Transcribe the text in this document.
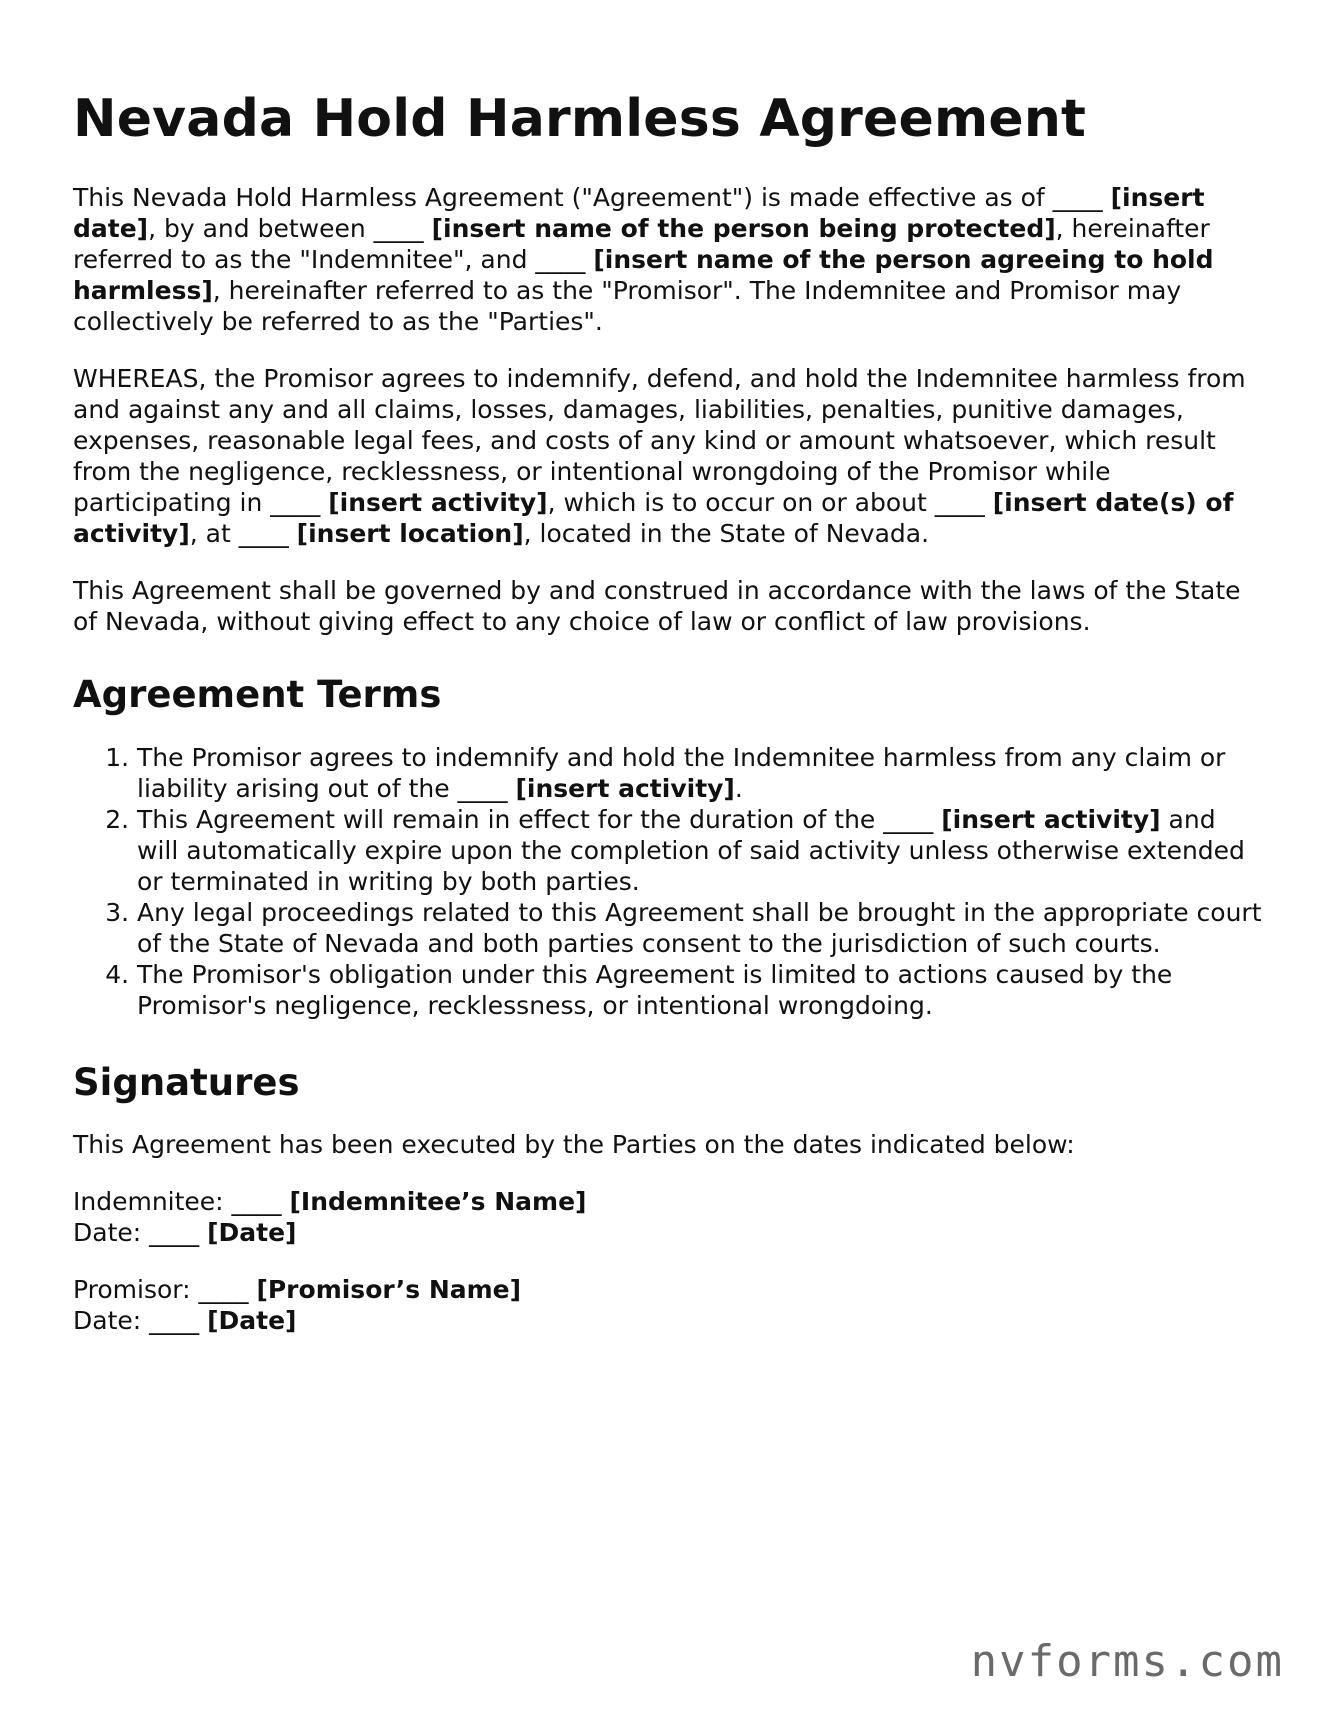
Nevada Hold Harmless Agreement

This Nevada Hold Harmless Agreement ("Agreement") is made effective as of ____ [insert date], by and between ____ [insert name of the person being protected], hereinafter referred to as the "Indemnitee", and ____ [insert name of the person agreeing to hold harmless], hereinafter referred to as the "Promisor". The Indemnitee and Promisor may collectively be referred to as the "Parties".

WHEREAS, the Promisor agrees to indemnify, defend, and hold the Indemnitee harmless from and against any and all claims, losses, damages, liabilities, penalties, punitive damages, expenses, reasonable legal fees, and costs of any kind or amount whatsoever, which result from the negligence, recklessness, or intentional wrongdoing of the Promisor while participating in ____ [insert activity], which is to occur on or about ____ [insert date(s) of activity], at ____ [insert location], located in the State of Nevada.

This Agreement shall be governed by and construed in accordance with the laws of the State of Nevada, without giving effect to any choice of law or conflict of law provisions.

Agreement Terms
1. The Promisor agrees to indemnify and hold the Indemnitee harmless from any claim or liability arising out of the ____ [insert activity].
2. This Agreement will remain in effect for the duration of the ____ [insert activity] and will automatically expire upon the completion of said activity unless otherwise extended or terminated in writing by both parties.
3. Any legal proceedings related to this Agreement shall be brought in the appropriate court of the State of Nevada and both parties consent to the jurisdiction of such courts.
4. The Promisor's obligation under this Agreement is limited to actions caused by the Promisor's negligence, recklessness, or intentional wrongdoing.
Signatures

This Agreement has been executed by the Parties on the dates indicated below:

Indemnitee: ____ [Indemnitee’s Name]
Date: ____ [Date]
Promisor: ____ [Promisor’s Name]
Date: ____ [Date]
nvforms.com
